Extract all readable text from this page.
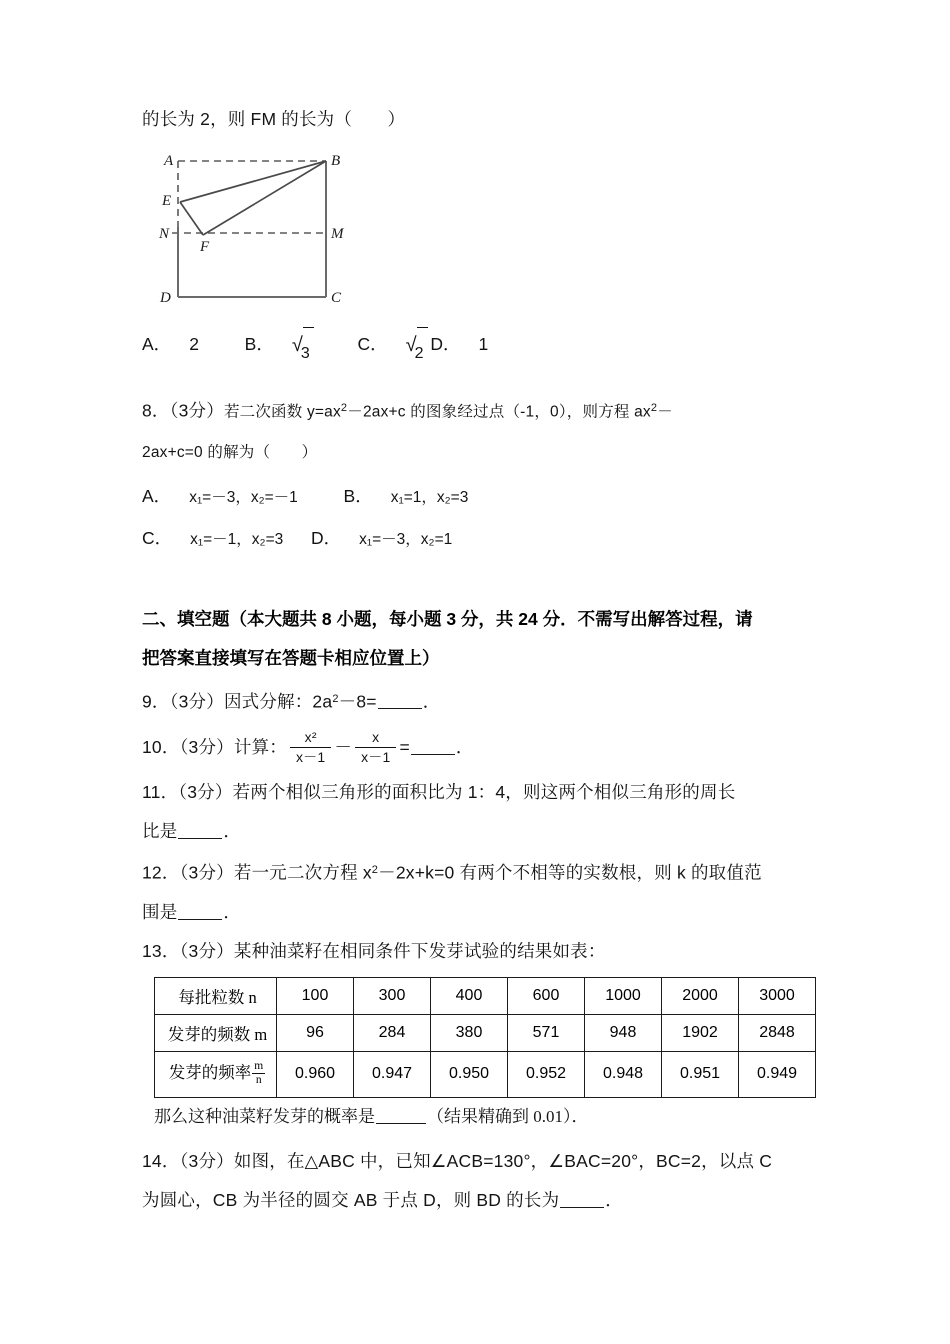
的长为 2，则 FM 的长为（　　）
A	B
E
N
F
M
D	C
A． 2	B． √
3	C． √
2 D． 1
8．（3分）若二次函数 $y=ax^2-2ax+c$ 的图象经过点（-1，0），则方程 $ax^2-$
2ax+c=0 的解为（　　）
A． x₁=－3，x₂=－1	B． x₁=1，x₂=3
C． x₁=－1，x₂=3 D． x₁=－3，x₂=1
二、填空题（本大题共 8 小题，每小题 3 分，共 24 分．不需写出解答过程，请
把答案直接填写在答题卡相应位置上）
9．（3分）因式分解：$2a^2-8=$	．
10．（3分）计算： $\frac{\text{x²}}{x-1} - \frac{x}{x-1}$ =	．
11．（3分）若两个相似三角形的面积比为 1：4，则这两个相似三角形的周长
比是	．
12．（3分）若一元二次方程 $x^2-2x+k=0$ 有两个不相等的实数根，则 k 的取值范
围是	．
13．（3分）某种油菜籽在相同条件下发芽试验的结果如表：
每批粒数 n	100	300	400	600	1000	2000	3000
发芽的频数 m	96	284	380	571	948	1902	2848
发芽的频率 $\frac{m}{n}$	0.960	0.947	0.950	0.952	0.948	0.951	0.949
那么这种油菜籽发芽的概率是	（结果精确到 0.01）．
14．（3分）如图，在△ABC 中，已知∠ACB=130°，∠BAC=20°，BC=2，以点 C
为圆心，CB 为半径的圆交 AB 于点 D，则 BD 的长为	．
